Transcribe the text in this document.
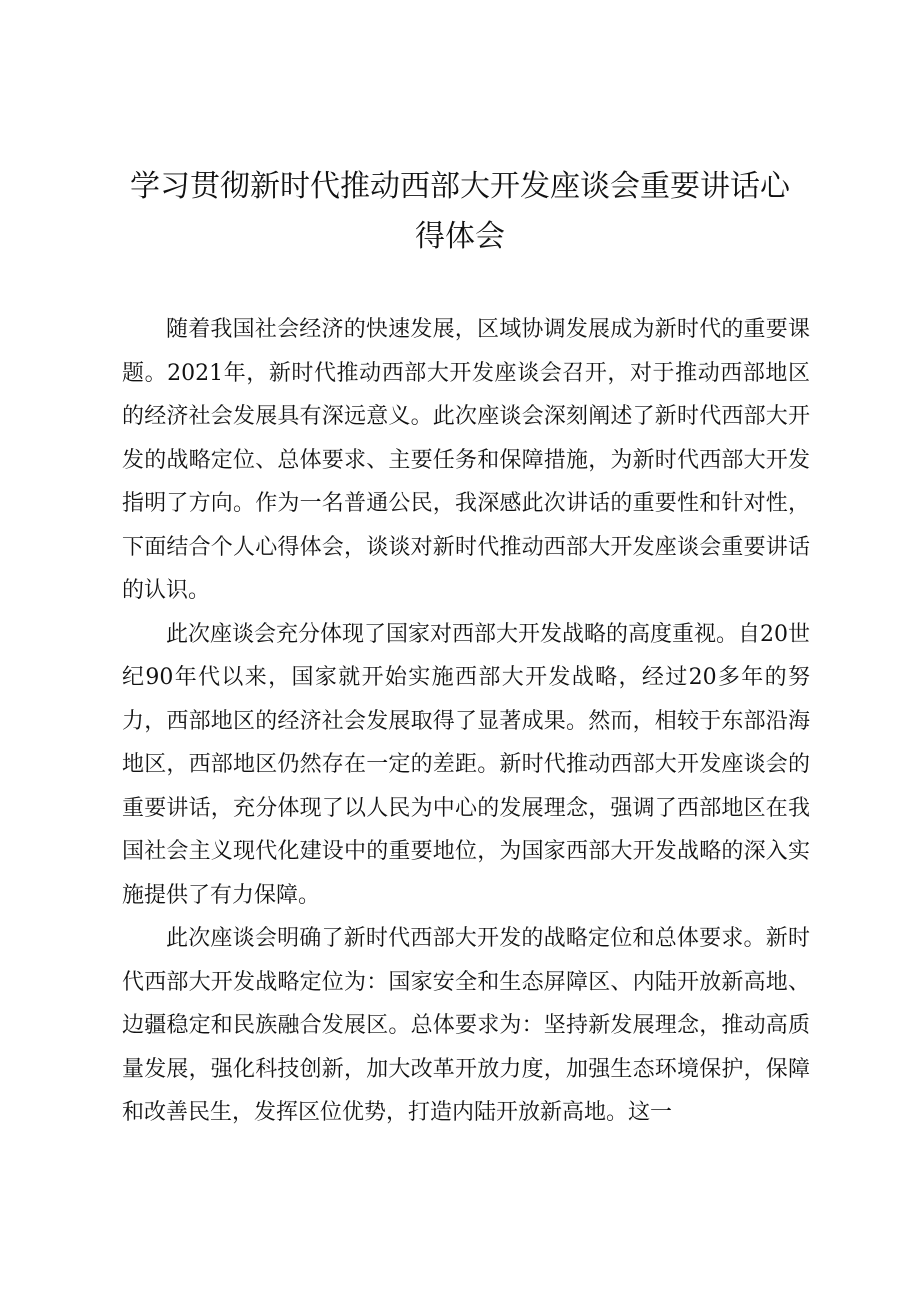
学习贯彻新时代推动西部大开发座谈会重要讲话心得体会

随着我国社会经济的快速发展，区域协调发展成为新时代的重要课题。2021年，新时代推动西部大开发座谈会召开，对于推动西部地区的经济社会发展具有深远意义。此次座谈会深刻阐述了新时代西部大开发的战略定位、总体要求、主要任务和保障措施，为新时代西部大开发指明了方向。作为一名普通公民，我深感此次讲话的重要性和针对性，下面结合个人心得体会，谈谈对新时代推动西部大开发座谈会重要讲话的认识。

此次座谈会充分体现了国家对西部大开发战略的高度重视。自20世纪90年代以来，国家就开始实施西部大开发战略，经过20多年的努力，西部地区的经济社会发展取得了显著成果。然而，相较于东部沿海地区，西部地区仍然存在一定的差距。新时代推动西部大开发座谈会的重要讲话，充分体现了以人民为中心的发展理念，强调了西部地区在我国社会主义现代化建设中的重要地位，为国家西部大开发战略的深入实施提供了有力保障。

此次座谈会明确了新时代西部大开发的战略定位和总体要求。新时代西部大开发战略定位为：国家安全和生态屏障区、内陆开放新高地、边疆稳定和民族融合发展区。总体要求为：坚持新发展理念，推动高质量发展，强化科技创新，加大改革开放力度，加强生态环境保护，保障和改善民生，发挥区位优势，打造内陆开放新高地。这一
